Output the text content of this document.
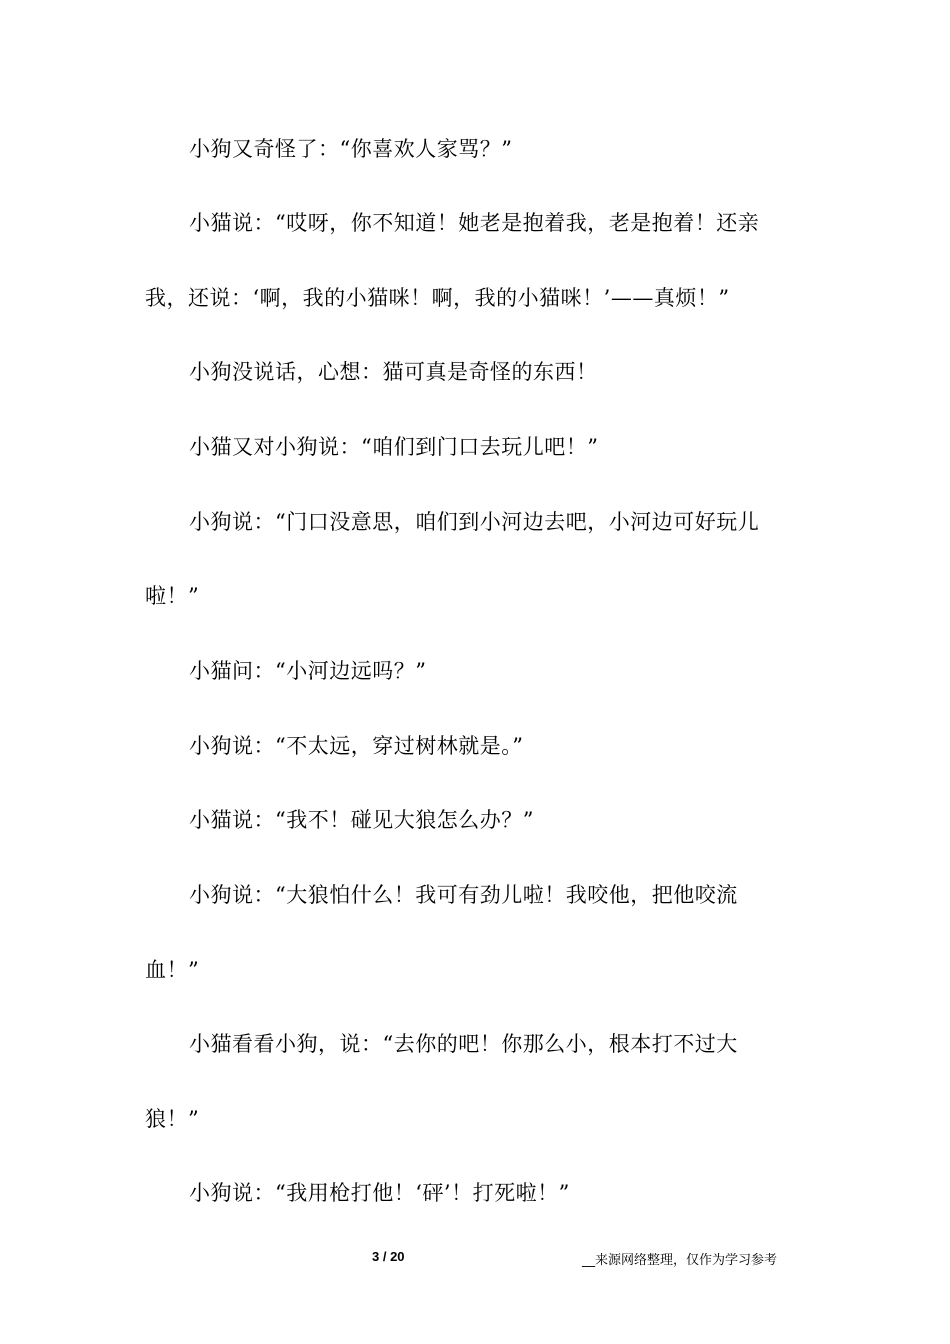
小狗又奇怪了：“你喜欢人家骂？”
小猫说：“哎呀，你不知道！她老是抱着我，老是抱着！还亲
我，还说：‘啊，我的小猫咪！啊，我的小猫咪！’——真烦！”
小狗没说话，心想：猫可真是奇怪的东西！
小猫又对小狗说：“咱们到门口去玩儿吧！”
小狗说：“门口没意思，咱们到小河边去吧，小河边可好玩儿
啦！”
小猫问：“小河边远吗？”
小狗说：“不太远，穿过树林就是。”
小猫说：“我不！碰见大狼怎么办？”
小狗说：“大狼怕什么！我可有劲儿啦！我咬他，把他咬流
血！”
小猫看看小狗，说：“去你的吧！你那么小，根本打不过大
狼！”
小狗说：“我用枪打他！‘砰’！打死啦！”
3 / 20	__来源网络整理，仅作为学习参考
